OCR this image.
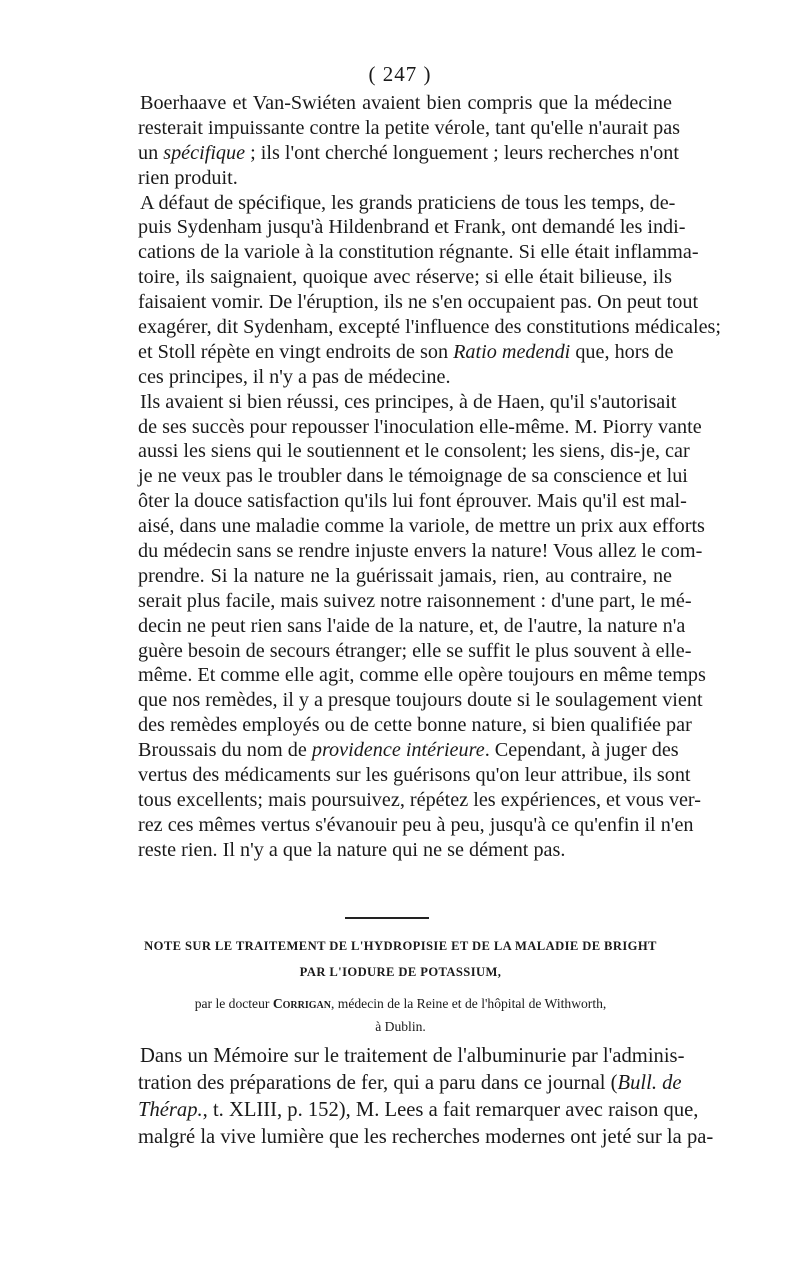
( 247 )
Boerhaave et Van-Swiéten avaient bien compris que la médecine
resterait impuissante contre la petite vérole, tant qu'elle n'aurait pas
un spécifique ; ils l'ont cherché longuement ; leurs recherches n'ont
rien produit.
A défaut de spécifique, les grands praticiens de tous les temps, de-
puis Sydenham jusqu'à Hildenbrand et Frank, ont demandé les indi-
cations de la variole à la constitution régnante. Si elle était inflamma-
toire, ils saignaient, quoique avec réserve; si elle était bilieuse, ils
faisaient vomir. De l'éruption, ils ne s'en occupaient pas. On peut tout
exagérer, dit Sydenham, excepté l'influence des constitutions médicales;
et Stoll répète en vingt endroits de son Ratio medendi que, hors de
ces principes, il n'y a pas de médecine.
Ils avaient si bien réussi, ces principes, à de Haen, qu'il s'autorisait
de ses succès pour repousser l'inoculation elle-même. M. Piorry vante
aussi les siens qui le soutiennent et le consolent; les siens, dis-je, car
je ne veux pas le troubler dans le témoignage de sa conscience et lui
ôter la douce satisfaction qu'ils lui font éprouver. Mais qu'il est mal-
aisé, dans une maladie comme la variole, de mettre un prix aux efforts
du médecin sans se rendre injuste envers la nature! Vous allez le com-
prendre. Si la nature ne la guérissait jamais, rien, au contraire, ne
serait plus facile, mais suivez notre raisonnement : d'une part, le mé-
decin ne peut rien sans l'aide de la nature, et, de l'autre, la nature n'a
guère besoin de secours étranger; elle se suffit le plus souvent à elle-
même. Et comme elle agit, comme elle opère toujours en même temps
que nos remèdes, il y a presque toujours doute si le soulagement vient
des remèdes employés ou de cette bonne nature, si bien qualifiée par
Broussais du nom de providence intérieure. Cependant, à juger des
vertus des médicaments sur les guérisons qu'on leur attribue, ils sont
tous excellents; mais poursuivez, répétez les expériences, et vous ver-
rez ces mêmes vertus s'évanouir peu à peu, jusqu'à ce qu'enfin il n'en
reste rien. Il n'y a que la nature qui ne se dément pas.
NOTE SUR LE TRAITEMENT DE L'HYDROPISIE ET DE LA MALADIE DE BRIGHT
PAR L'IODURE DE POTASSIUM,
par le docteur Corrigan, médecin de la Reine et de l'hôpital de Withworth,
à Dublin.
Dans un Mémoire sur le traitement de l'albuminurie par l'adminis-
tration des préparations de fer, qui a paru dans ce journal (Bull. de
Thérap., t. XLIII, p. 152), M. Lees a fait remarquer avec raison que,
malgré la vive lumière que les recherches modernes ont jeté sur la pa-
